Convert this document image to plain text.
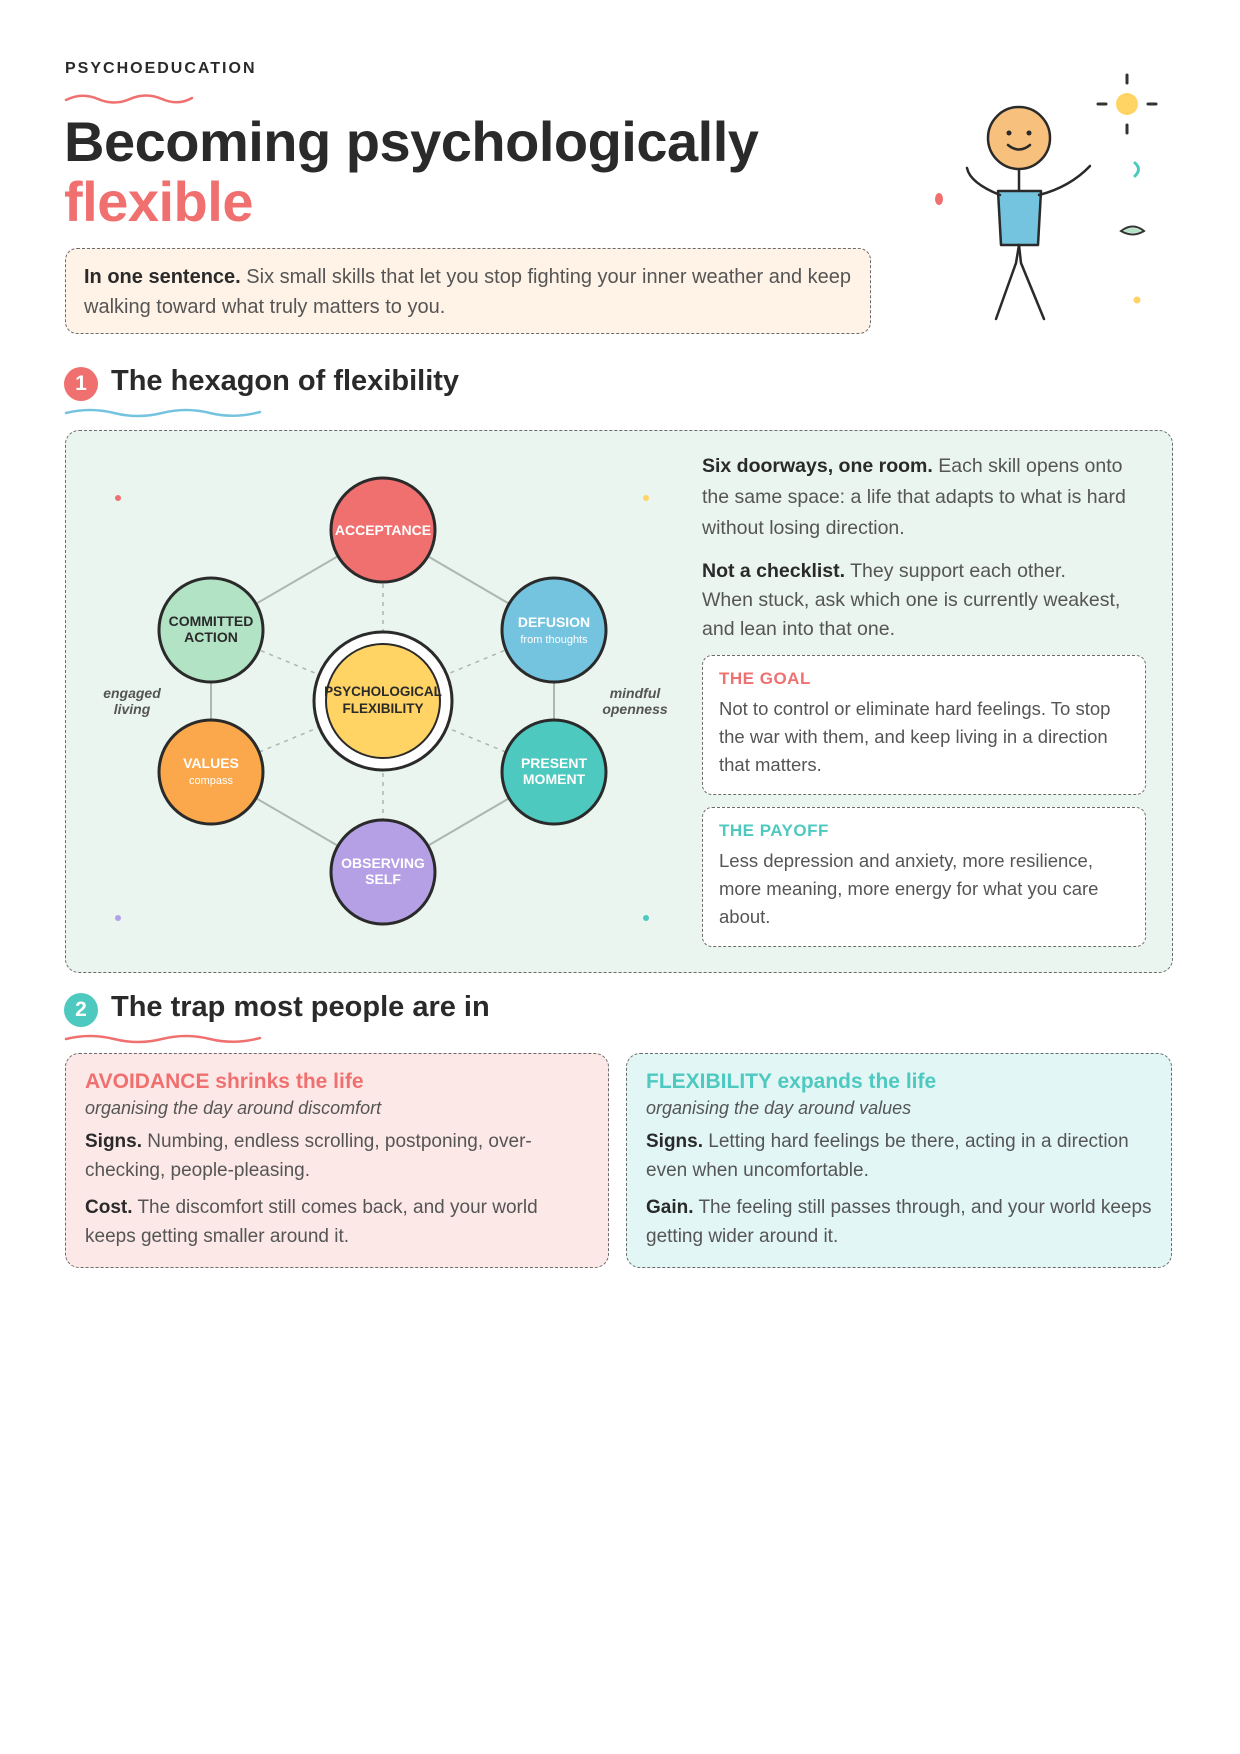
PSYCHOEDUCATION
Becoming psychologically
flexible
In one sentence. Six small skills that let you stop fighting your inner weather and keep walking toward what truly matters to you.
1 The hexagon of flexibility
PSYCHOLOGICAL
FLEXIBILITY
ACCEPTANCE
DEFUSION
from thoughts
PRESENT
MOMENT
OBSERVING
SELF
VALUES
compass
COMMITTED
ACTION
engaged
living
mindful
openness
Six doorways, one room. Each skill opens onto the same space: a life that adapts to what is hard without losing direction.
Not a checklist. They support each other. When stuck, ask which one is currently weakest, and lean into that one.
THE GOAL
Not to control or eliminate hard feelings. To stop the war with them, and keep living in a direction that matters.
THE PAYOFF
Less depression and anxiety, more resilience, more meaning, more energy for what you care about.
2 The trap most people are in
AVOIDANCE shrinks the life
organising the day around discomfort
Signs. Numbing, endless scrolling, postponing, over-checking, people-pleasing.
Cost. The discomfort still comes back, and your world keeps getting smaller around it.
FLEXIBILITY expands the life
organising the day around values
Signs. Letting hard feelings be there, acting in a direction even when uncomfortable.
Gain. The feeling still passes through, and your world keeps getting wider around it.
